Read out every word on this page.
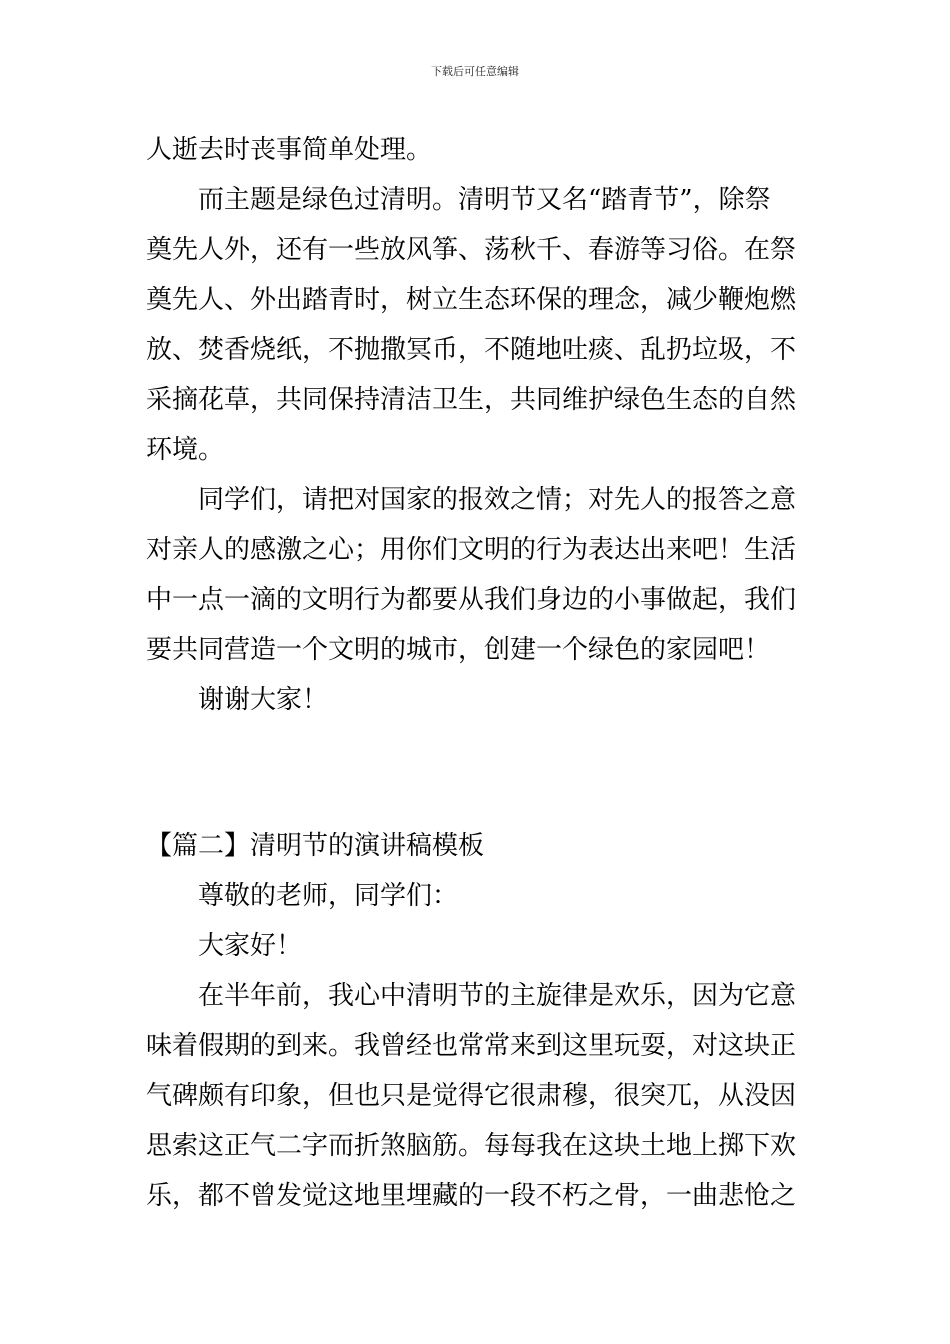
下载后可任意编辑
人逝去时丧事简单处理。
而主题是绿色过清明。清明节又名“踏青节”，除祭
奠先人外，还有一些放风筝、荡秋千、春游等习俗。在祭
奠先人、外出踏青时，树立生态环保的理念，减少鞭炮燃
放、焚香烧纸，不抛撒冥币，不随地吐痰、乱扔垃圾，不
采摘花草，共同保持清洁卫生，共同维护绿色生态的自然
环境。
同学们，请把对国家的报效之情；对先人的报答之意
对亲人的感激之心；用你们文明的行为表达出来吧！生活
中一点一滴的文明行为都要从我们身边的小事做起，我们
要共同营造一个文明的城市，创建一个绿色的家园吧！
谢谢大家！
【篇二】清明节的演讲稿模板
尊敬的老师，同学们：
大家好！
在半年前，我心中清明节的主旋律是欢乐，因为它意
味着假期的到来。我曾经也常常来到这里玩耍，对这块正
气碑颇有印象，但也只是觉得它很肃穆，很突兀，从没因
思索这正气二字而折煞脑筋。每每我在这块土地上掷下欢
乐，都不曾发觉这地里埋藏的一段不朽之骨，一曲悲怆之
